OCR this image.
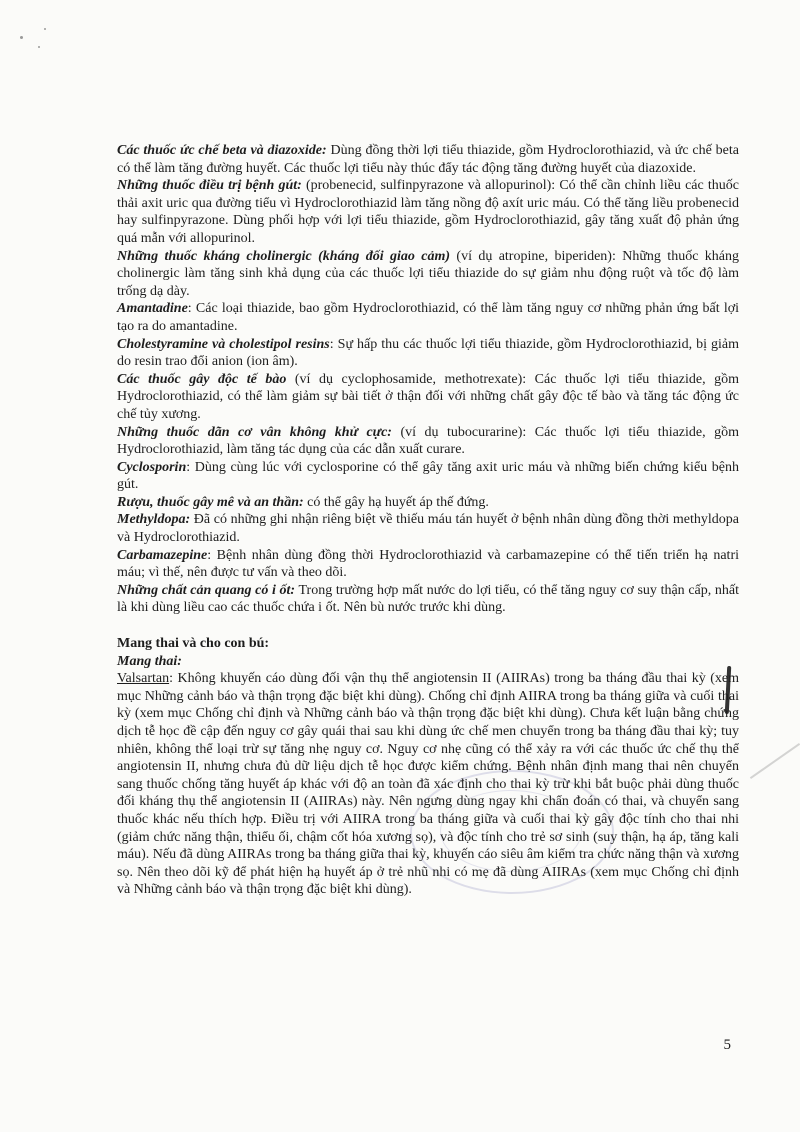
Các thuốc ức chế beta và diazoxide: Dùng đồng thời lợi tiểu thiazide, gồm Hydroclorothiazid, và ức chế beta có thể làm tăng đường huyết. Các thuốc lợi tiểu này thúc đẩy tác động tăng đường huyết của diazoxide.

Những thuốc điều trị bệnh gút: (probenecid, sulfinpyrazone và allopurinol): Có thể cần chỉnh liều các thuốc thải axit uric qua đường tiểu vì Hydroclorothiazid làm tăng nồng độ axít uric máu. Có thể tăng liều probenecid hay sulfinpyrazone. Dùng phối hợp với lợi tiểu thiazide, gồm Hydroclorothiazid, gây tăng xuất độ phản ứng quá mẫn với allopurinol.

Những thuốc kháng cholinergic (kháng đối giao cảm) (ví dụ atropine, biperiden): Những thuốc kháng cholinergic làm tăng sinh khả dụng của các thuốc lợi tiểu thiazide do sự giảm nhu động ruột và tốc độ làm trống dạ dày.

Amantadine: Các loại thiazide, bao gồm Hydroclorothiazid, có thể làm tăng nguy cơ những phản ứng bất lợi tạo ra do amantadine.

Cholestyramine và cholestipol resins: Sự hấp thu các thuốc lợi tiểu thiazide, gồm Hydroclorothiazid, bị giảm do resin trao đổi anion (ion âm).

Các thuốc gây độc tế bào (ví dụ cyclophosamide, methotrexate): Các thuốc lợi tiểu thiazide, gồm Hydroclorothiazid, có thể làm giảm sự bài tiết ở thận đối với những chất gây độc tế bào và tăng tác động ức chế tủy xương.

Những thuốc dãn cơ vân không khử cực: (ví dụ tubocurarine): Các thuốc lợi tiểu thiazide, gồm Hydroclorothiazid, làm tăng tác dụng của các dẫn xuất curare.

Cyclosporin: Dùng cùng lúc với cyclosporine có thể gây tăng axit uric máu và những biến chứng kiểu bệnh gút.

Rượu, thuốc gây mê và an thần: có thể gây hạ huyết áp thế đứng.

Methyldopa: Đã có những ghi nhận riêng biệt về thiếu máu tán huyết ở bệnh nhân dùng đồng thời methyldopa và Hydroclorothiazid.

Carbamazepine: Bệnh nhân dùng đồng thời Hydroclorothiazid và carbamazepine có thể tiến triển hạ natri máu; vì thế, nên được tư vấn và theo dõi.

Những chất cản quang có i ốt: Trong trường hợp mất nước do lợi tiểu, có thể tăng nguy cơ suy thận cấp, nhất là khi dùng liều cao các thuốc chứa i ốt. Nên bù nước trước khi dùng.

Mang thai và cho con bú:

Mang thai:

Valsartan: Không khuyến cáo dùng đối vận thụ thể angiotensin II (AIIRAs) trong ba tháng đầu thai kỳ (xem mục Những cảnh báo và thận trọng đặc biệt khi dùng). Chống chỉ định AIIRA trong ba tháng giữa và cuối thai kỳ (xem mục Chống chỉ định và Những cảnh báo và thận trọng đặc biệt khi dùng). Chưa kết luận bằng chứng dịch tễ học đề cập đến nguy cơ gây quái thai sau khi dùng ức chế men chuyển trong ba tháng đầu thai kỳ; tuy nhiên, không thể loại trừ sự tăng nhẹ nguy cơ. Nguy cơ nhẹ cũng có thể xảy ra với các thuốc ức chế thụ thể angiotensin II, nhưng chưa đủ dữ liệu dịch tễ học được kiểm chứng. Bệnh nhân định mang thai nên chuyển sang thuốc chống tăng huyết áp khác với độ an toàn đã xác định cho thai kỳ trừ khi bắt buộc phải dùng thuốc đối kháng thụ thể angiotensin II (AIIRAs) này. Nên ngưng dùng ngay khi chẩn đoán có thai, và chuyển sang thuốc khác nếu thích hợp. Điều trị với AIIRA trong ba tháng giữa và cuối thai kỳ gây độc tính cho thai nhi (giảm chức năng thận, thiểu ối, chậm cốt hóa xương sọ), và độc tính cho trẻ sơ sinh (suy thận, hạ áp, tăng kali máu). Nếu đã dùng AIIRAs trong ba tháng giữa thai kỳ, khuyến cáo siêu âm kiểm tra chức năng thận và xương sọ. Nên theo dõi kỹ để phát hiện hạ huyết áp ở trẻ nhũ nhi có mẹ đã dùng AIIRAs (xem mục Chống chỉ định và Những cảnh báo và thận trọng đặc biệt khi dùng).

5
